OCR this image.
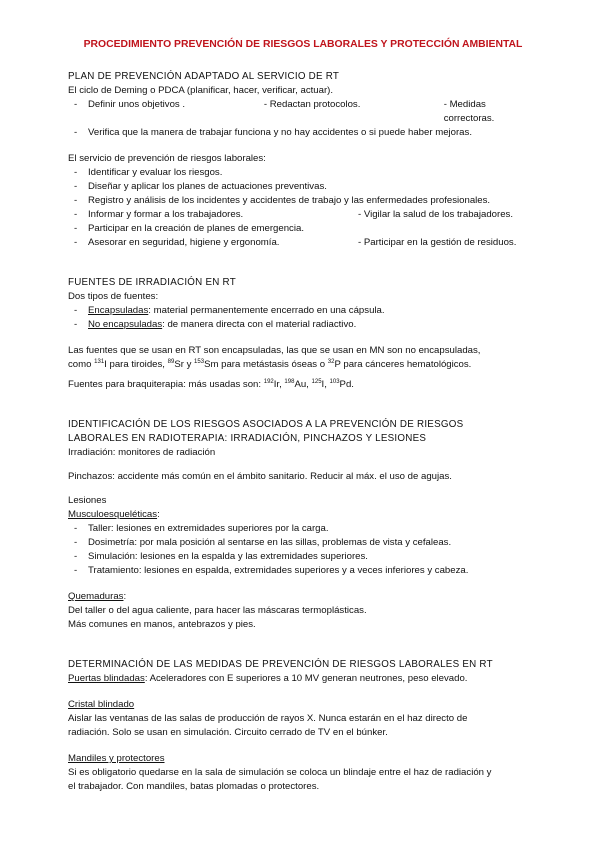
PROCEDIMIENTO PREVENCIÓN DE RIESGOS LABORALES Y PROTECCIÓN AMBIENTAL
PLAN DE PREVENCIÓN ADAPTADO AL SERVICIO DE RT

El ciclo de Deming o PDCA (planificar, hacer, verificar, actuar).

- Definir unos objetivos .	- Redactan protocolos.	- Medidas correctoras.
- Verifica que la manera de trabajar funciona y no hay accidentes o si puede haber mejoras.

El servicio de prevención de riesgos laborales:

- Identificar y evaluar los riesgos.
- Diseñar y aplicar los planes de actuaciones preventivas.
- Registro y análisis de los incidentes y accidentes de trabajo y las enfermedades profesionales.
- Informar y formar a los trabajadores.	- Vigilar la salud de los trabajadores.
- Participar en la creación de planes de emergencia.
- Asesorar en seguridad, higiene y ergonomía.	- Participar en la gestión de residuos.
FUENTES DE IRRADIACIÓN EN RT

Dos tipos de fuentes:

- Encapsuladas: material permanentemente encerrado en una cápsula.
- No encapsuladas: de manera directa con el material radiactivo.

Las fuentes que se usan en RT son encapsuladas, las que se usan en MN son no encapsuladas,
como $^{131}$I para tiroides, $^{89}$Sr y $^{153}$Sm para metástasis óseas o $^{32}$P para cánceres hematológicos.

Fuentes para braquiterapia: más usadas son: $^{192}$Ir, $^{198}$Au, $^{125}$I, $^{103}$Pd.

IDENTIFICACIÓN DE LOS RIESGOS ASOCIADOS A LA PREVENCIÓN DE RIESGOS
LABORALES EN RADIOTERAPIA: IRRADIACIÓN, PINCHAZOS Y LESIONES

Irradiación: monitores de radiación

Pinchazos: accidente más común en el ámbito sanitario. Reducir al máx. el uso de agujas.

Lesiones

Musculoesqueléticas:

- Taller: lesiones en extremidades superiores por la carga.
- Dosimetría: por mala posición al sentarse en las sillas, problemas de vista y cefaleas.
- Simulación: lesiones en la espalda y las extremidades superiores.
- Tratamiento: lesiones en espalda, extremidades superiores y a veces inferiores y cabeza.

Quemaduras:

Del taller o del agua caliente, para hacer las máscaras termoplásticas.

Más comunes en manos, antebrazos y pies.

DETERMINACIÓN DE LAS MEDIDAS DE PREVENCIÓN DE RIESGOS LABORALES EN RT

Puertas blindadas: Aceleradores con E superiores a 10 MV generan neutrones, peso elevado.

Cristal blindado

Aislar las ventanas de las salas de producción de rayos X. Nunca estarán en el haz directo de

radiación. Solo se usan en simulación. Circuito cerrado de TV en el búnker.

Mandiles y protectores

Si es obligatorio quedarse en la sala de simulación se coloca un blindaje entre el haz de radiación y

el trabajador. Con mandiles, batas plomadas o protectores.
